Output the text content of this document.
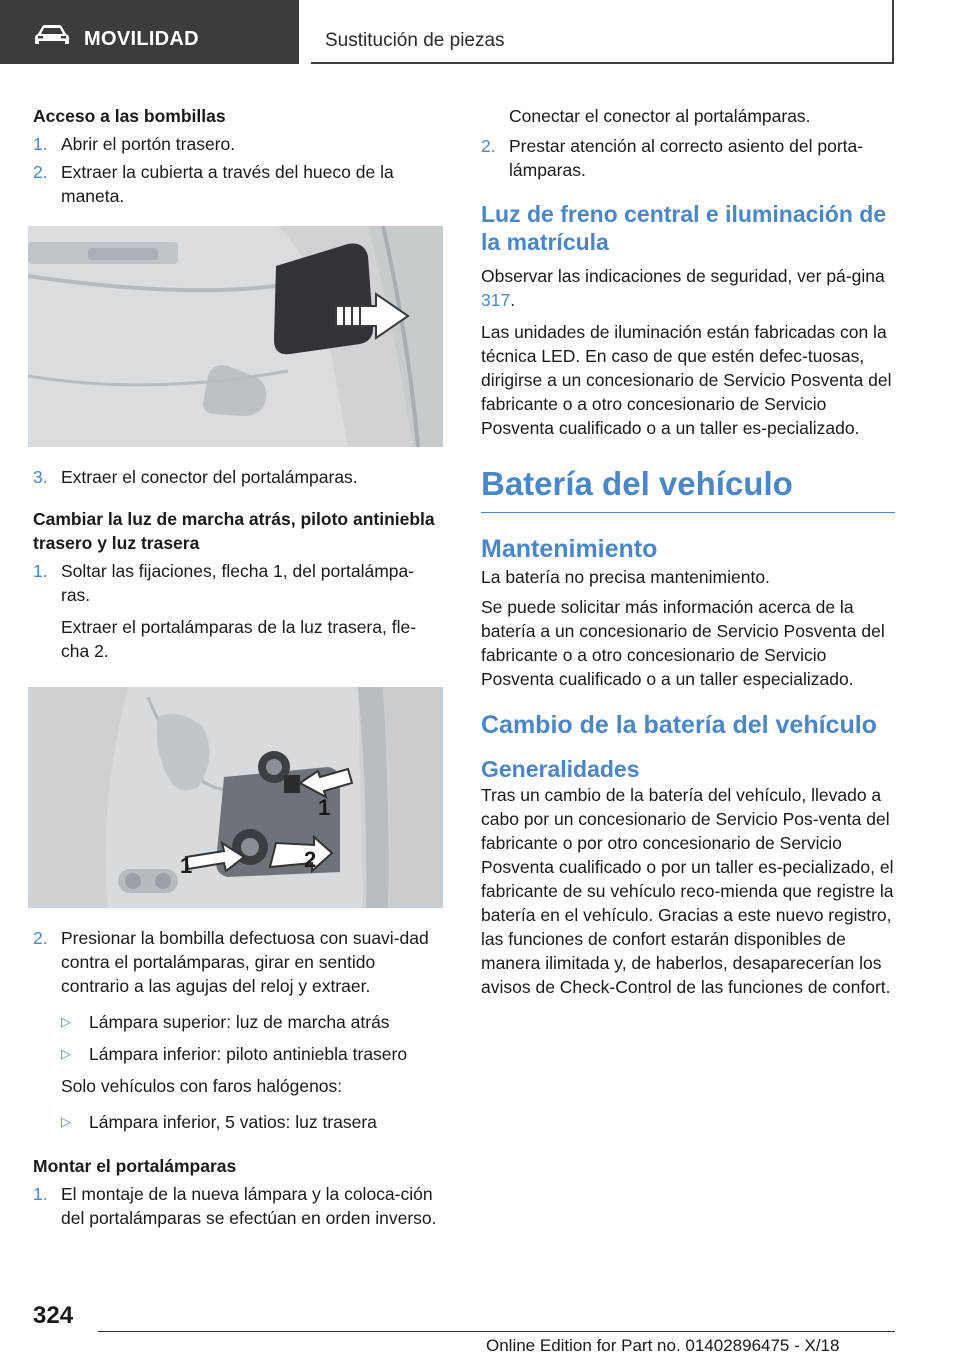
MOVILIDAD	Sustitución de piezas
Acceso a las bombillas
1. Abrir el portón trasero.
2. Extraer la cubierta a través del hueco de la maneta.
3. Extraer el conector del portalámparas.
Cambiar la luz de marcha atrás, piloto antiniebla trasero y luz trasera
1. Soltar las fijaciones, flecha 1, del portalámpa-ras.
Extraer el portalámparas de la luz trasera, fle-cha 2.
1
1	2
2. Presionar la bombilla defectuosa con suavi-dad contra el portalámparas, girar en sentido contrario a las agujas del reloj y extraer.
▷ Lámpara superior: luz de marcha atrás
▷ Lámpara inferior: piloto antiniebla trasero
Solo vehículos con faros halógenos:
▷ Lámpara inferior, 5 vatios: luz trasera
Montar el portalámparas
1. El montaje de la nueva lámpara y la coloca-ción del portalámparas se efectúan en orden inverso.
Conectar el conector al portalámparas.
2. Prestar atención al correcto asiento del porta-lámparas.
Luz de freno central e iluminación de la matrícula
Observar las indicaciones de seguridad, ver pá-gina 317.
Las unidades de iluminación están fabricadas con la técnica LED. En caso de que estén defec-tuosas, dirigirse a un concesionario de Servicio Posventa del fabricante o a otro concesionario de Servicio Posventa cualificado o a un taller es-pecializado.
Batería del vehículo
Mantenimiento
La batería no precisa mantenimiento.
Se puede solicitar más información acerca de la batería a un concesionario de Servicio Posventa del fabricante o a otro concesionario de Servicio Posventa cualificado o a un taller especializado.
Cambio de la batería del vehículo
Generalidades
Tras un cambio de la batería del vehículo, llevado a cabo por un concesionario de Servicio Pos-venta del fabricante o por otro concesionario de Servicio Posventa cualificado o por un taller es-pecializado, el fabricante de su vehículo reco-mienda que registre la batería en el vehículo. Gracias a este nuevo registro, las funciones de confort estarán disponibles de manera ilimitada y, de haberlos, desaparecerían los avisos de Check-Control de las funciones de confort.
324
Online Edition for Part no. 01402896475 - X/18
